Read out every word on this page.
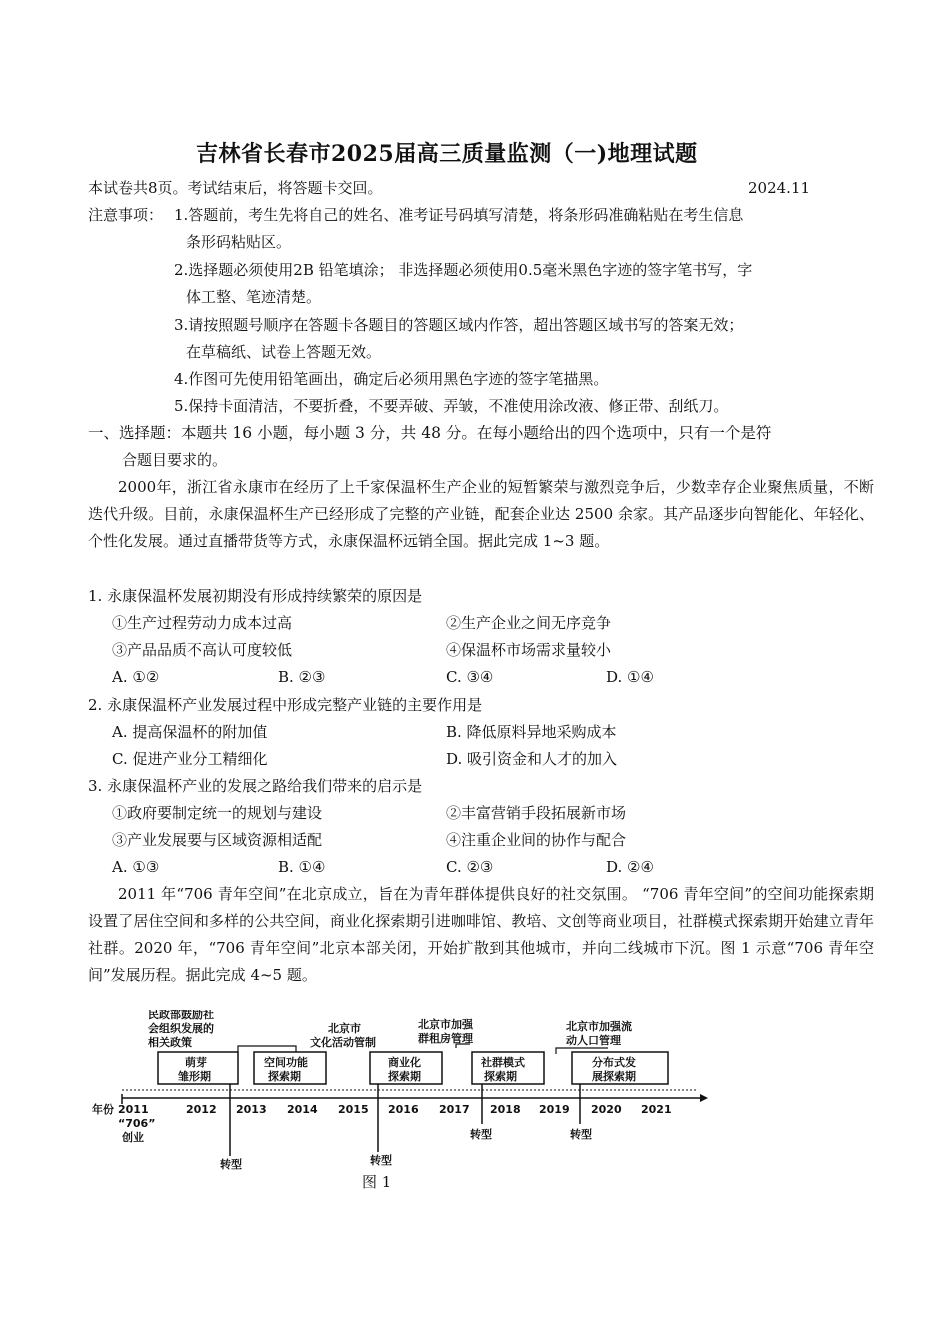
吉林省长春市2025届高三质量监测（一)地理试题
本试卷共8页。考试结束后，将答题卡交回。	2024.11
注意事项： 1.答题前，考生先将自己的姓名、准考证号码填写清楚，将条形码准确粘贴在考生信息
条形码粘贴区。
2.选择题必须使用2B 铅笔填涂； 非选择题必须使用0.5毫米黑色字迹的签字笔书写，字
体工整、笔迹清楚。
3.请按照题号顺序在答题卡各题目的答题区域内作答，超出答题区域书写的答案无效；
在草稿纸、试卷上答题无效。
4.作图可先使用铅笔画出，确定后必须用黑色字迹的签字笔描黑。
5.保持卡面清洁，不要折叠，不要弄破、弄皱，不准使用涂改液、修正带、刮纸刀。
一、选择题：本题共 16 小题，每小题 3 分，共 48 分。在每小题给出的四个选项中，只有一个是符
合题目要求的。
2000年，浙江省永康市在经历了上千家保温杯生产企业的短暂繁荣与激烈竞争后，少数幸存企业聚焦质量，不断迭代升级。目前，永康保温杯生产已经形成了完整的产业链，配套企业达 2500 余家。其产品逐步向智能化、年轻化、个性化发展。通过直播带货等方式，永康保温杯远销全国。据此完成 1~3 题。
1. 永康保温杯发展初期没有形成持续繁荣的原因是
①生产过程劳动力成本过高	②生产企业之间无序竞争
③产品品质不高认可度较低	④保温杯市场需求量较小
A. ①②	B. ②③	C. ③④	D. ①④
2. 永康保温杯产业发展过程中形成完整产业链的主要作用是
A. 提高保温杯的附加值	B. 降低原料异地采购成本
C. 促进产业分工精细化	D. 吸引资金和人才的加入
3. 永康保温杯产业的发展之路给我们带来的启示是
①政府要制定统一的规划与建设	②丰富营销手段拓展新市场
③产业发展要与区域资源相适配	④注重企业间的协作与配合
A. ①③	B. ①④	C. ②③	D. ②④
2011 年“706 青年空间”在北京成立，旨在为青年群体提供良好的社交氛围。 “706 青年空间”的空间功能探索期设置了居住空间和多样的公共空间，商业化探索期引进咖啡馆、教培、文创等商业项目，社群模式探索期开始建立青年社群。2020 年，“706 青年空间”北京本部关闭，开始扩散到其他城市，并向二线城市下沉。图 1 示意“706 青年空间”发展历程。据此完成 4~5 题。
民政部鼓励社
会组织发展的
相关政策
北京市
文化活动管制
北京市加强
群租房管理
北京市加强流
动人口管理
萌芽
雏形期
空间功能
探索期
商业化
探索期
社群模式
探索期
分布式发
展探索期
年份 2011	2012 2013 2014 2015 2016 2017 2018 2019 2020 2021
“706”
创业
转型	转型
转型	转型
图 1
